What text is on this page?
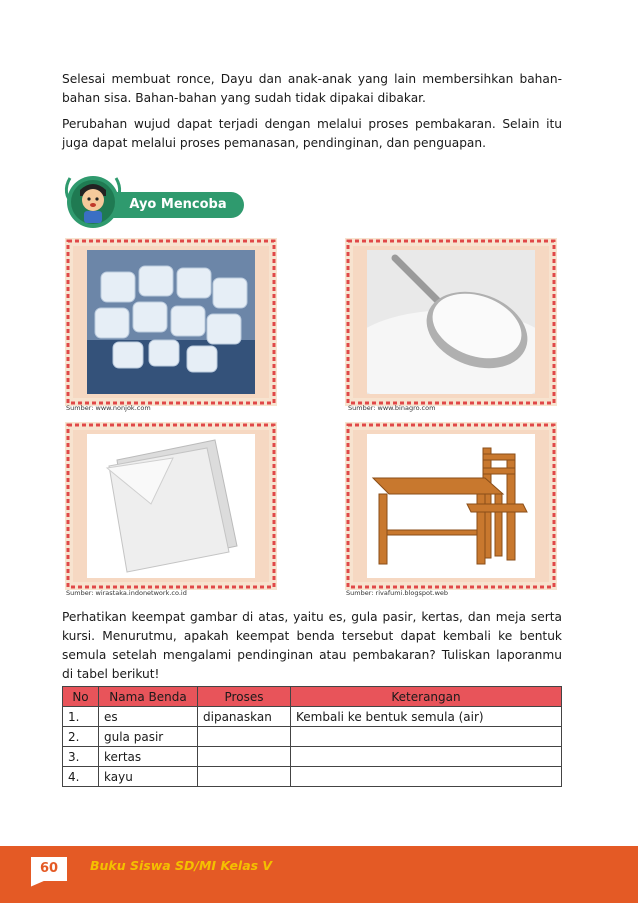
Selesai membuat ronce, Dayu dan anak-anak yang lain membersihkan bahan-bahan sisa. Bahan-bahan yang sudah tidak dipakai dibakar.

Perubahan wujud dapat terjadi dengan melalui proses pembakaran. Selain itu juga dapat melalui proses pemanasan, pendinginan, dan penguapan.

Ayo Mencoba
Sumber: www.nonjok.com	Sumber: www.binagro.com
Sumber: wirastaka.indonetwork.co.id	Sumber: rivafumi.blogspot.web

Perhatikan keempat gambar di atas, yaitu es, gula pasir, kertas, dan meja serta kursi. Menurutmu, apakah keempat benda tersebut dapat kembali ke bentuk semula setelah mengalami pendinginan atau pembakaran? Tuliskan laporanmu di tabel berikut!

No	Nama Benda	Proses	Keterangan
1.	es	dipanaskan	Kembali ke bentuk semula (air)
2.	gula pasir		
3.	kertas		
4.	kayu		
60	Buku Siswa SD/MI Kelas V
